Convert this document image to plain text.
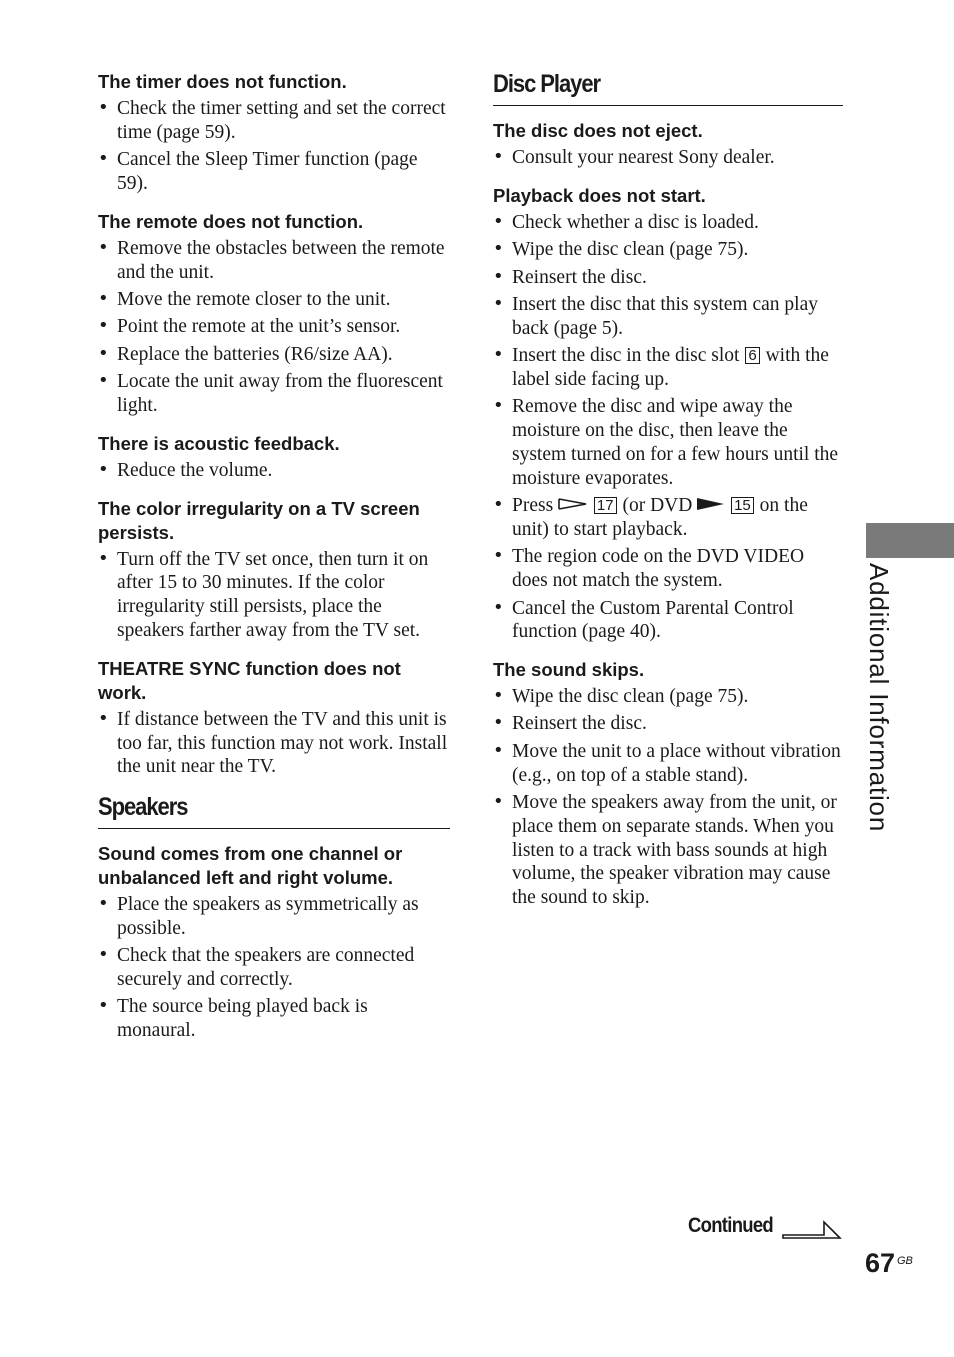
The timer does not function.
• Check the timer setting and set the correct time (page 59).
• Cancel the Sleep Timer function (page 59).
The remote does not function.
• Remove the obstacles between the remote and the unit.
• Move the remote closer to the unit.
• Point the remote at the unit’s sensor.
• Replace the batteries (R6/size AA).
• Locate the unit away from the fluorescent light.
There is acoustic feedback.
• Reduce the volume.
The color irregularity on a TV screen persists.
• Turn off the TV set once, then turn it on after 15 to 30 minutes. If the color irregularity still persists, place the speakers farther away from the TV set.
THEATRE SYNC function does not work.
• If distance between the TV and this unit is too far, this function may not work. Install the unit near the TV.
Speakers
Sound comes from one channel or unbalanced left and right volume.
• Place the speakers as symmetrically as possible.
• Check that the speakers are connected securely and correctly.
• The source being played back is monaural.
Disc Player
The disc does not eject.
• Consult your nearest Sony dealer.
Playback does not start.
• Check whether a disc is loaded.
• Wipe the disc clean (page 75).
• Reinsert the disc.
• Insert the disc that this system can play back (page 5).
• Insert the disc in the disc slot 6 with the label side facing up.
• Remove the disc and wipe away the moisture on the disc, then leave the system turned on for a few hours until the moisture evaporates.
• Press	17 (or DVD	15 on the unit) to start playback.
• The region code on the DVD VIDEO does not match the system.
• Cancel the Custom Parental Control function (page 40).
The sound skips.
• Wipe the disc clean (page 75).
• Reinsert the disc.
• Move the unit to a place without vibration (e.g., on top of a stable stand).
• Move the speakers away from the unit, or place them on separate stands. When you listen to a track with bass sounds at high volume, the speaker vibration may cause the sound to skip.
Additional Information
Continued
67 GB
